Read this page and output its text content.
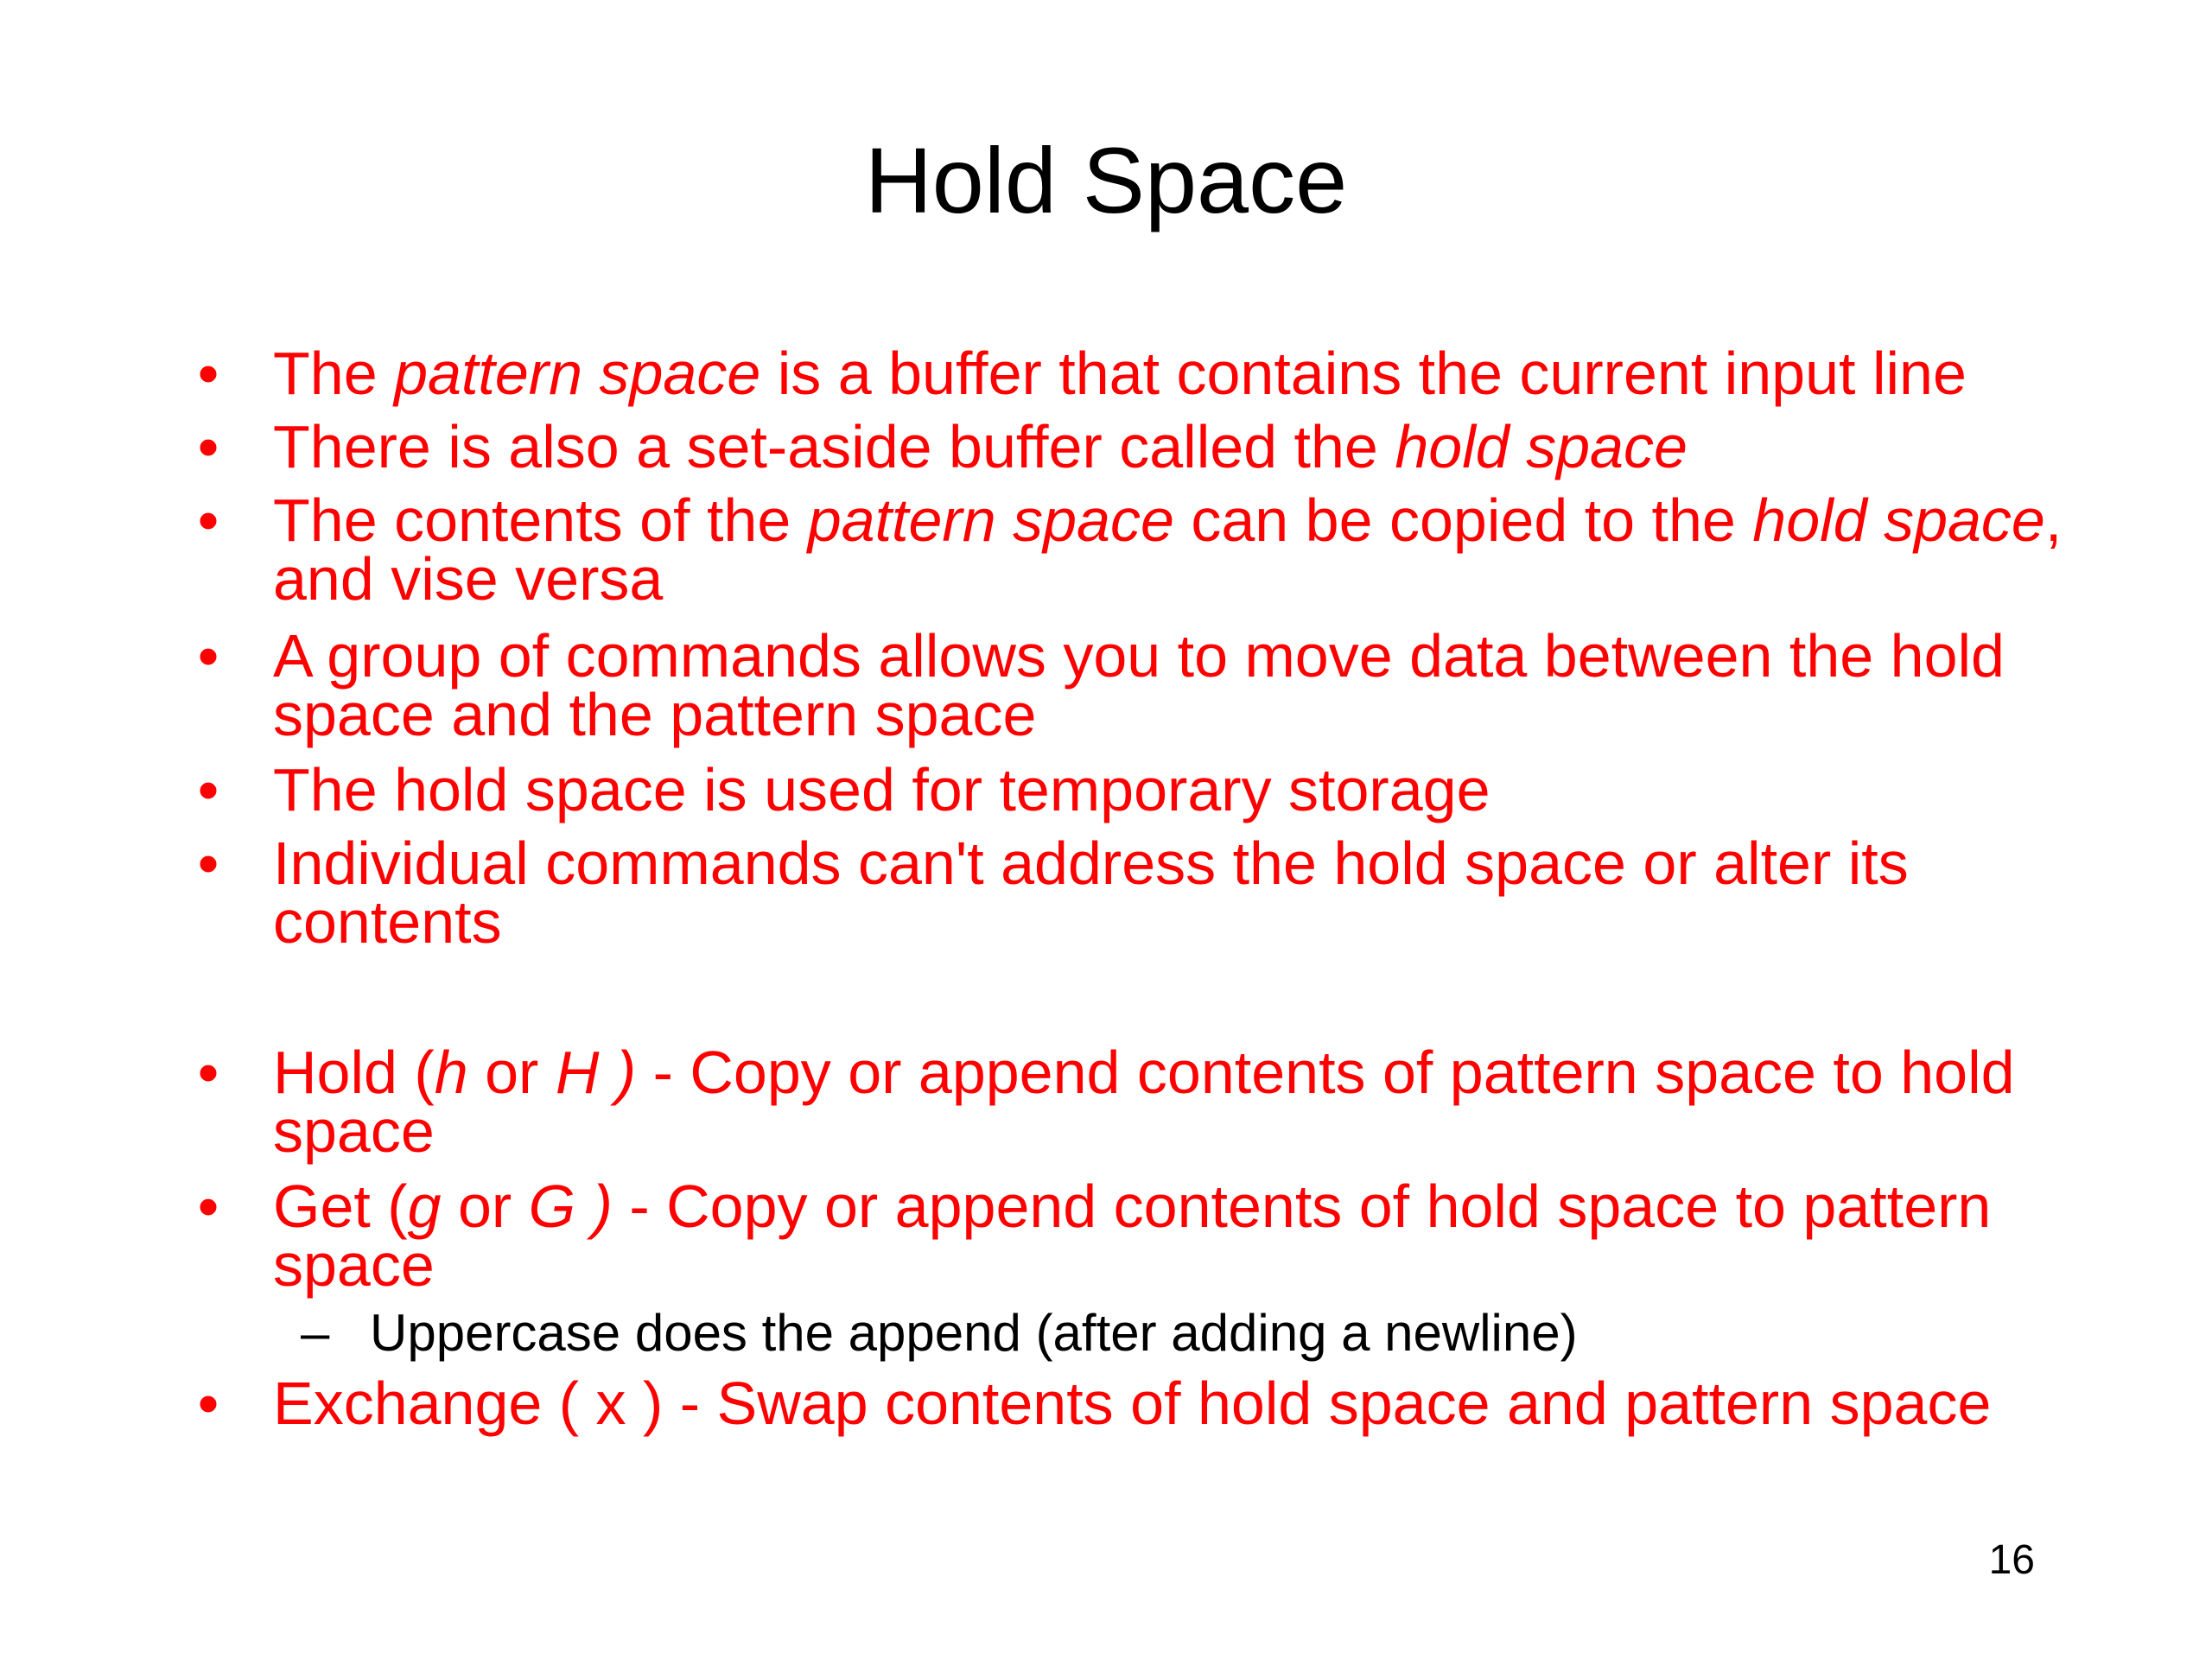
Hold Space
• The pattern space is a buffer that contains the current input line
• There is also a set-aside buffer called the hold space
• The contents of the pattern space can be copied to the hold space, and vise versa
• A group of commands allows you to move data between the hold space and the pattern space
• The hold space is used for temporary storage
• Individual commands can't address the hold space or alter its contents
• Hold (h or H ) - Copy or append contents of pattern space to hold space
• Get (g or G ) - Copy or append contents of hold space to pattern space
– Uppercase does the append (after adding a newline)
• Exchange ( x ) - Swap contents of hold space and pattern space
16
